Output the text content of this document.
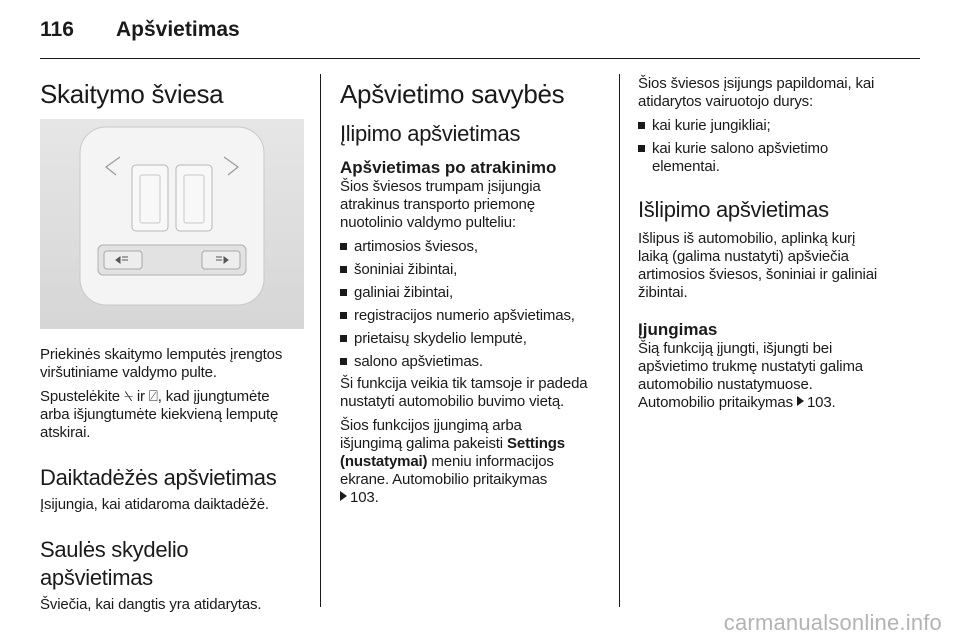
116 Apšvietimas
Skaitymo šviesa

Priekinės skaitymo lemputės įrengtos

viršutiniame valdymo pulte.

Spustelėkite ⍀ ir ⍁, kad įjungtumėte

arba išjungtumėte kiekvieną lemputę

atskirai.

Daiktadėžės apšvietimas

Įsijungia, kai atidaroma daiktadėžė.

Saulės skydelio
apšvietimas

Šviečia, kai dangtis yra atidarytas.

Apšvietimo savybės
Įlipimo apšvietimas
Apšvietimas po atrakinimo

Šios šviesos trumpam įsijungia

atrakinus transporto priemonę

nuotolinio valdymo pulteliu:

artimosios šviesos,
šoniniai žibintai,
galiniai žibintai,
registracijos numerio apšvietimas,
prietaisų skydelio lemputė,
salono apšvietimas.

Ši funkcija veikia tik tamsoje ir padeda

nustatyti automobilio buvimo vietą.

Šios funkcijos įjungimą arba

išjungimą galima pakeisti Settings

(nustatymai) meniu informacijos

ekrane. Automobilio pritaikymas

103.

Šios šviesos įsijungs papildomai, kai

atidarytos vairuotojo durys:

kai kurie jungikliai;
kai kurie salono apšvietimo
elementai.
Išlipimo apšvietimas

Išlipus iš automobilio, aplinką kurį

laiką (galima nustatyti) apšviečia

artimosios šviesos, šoniniai ir galiniai

žibintai.

Įjungimas

Šią funkciją įjungti, išjungti bei

apšvietimo trukmę nustatyti galima

automobilio nustatymuose.

Automobilio pritaikymas 103.

carmanualsonline.info
